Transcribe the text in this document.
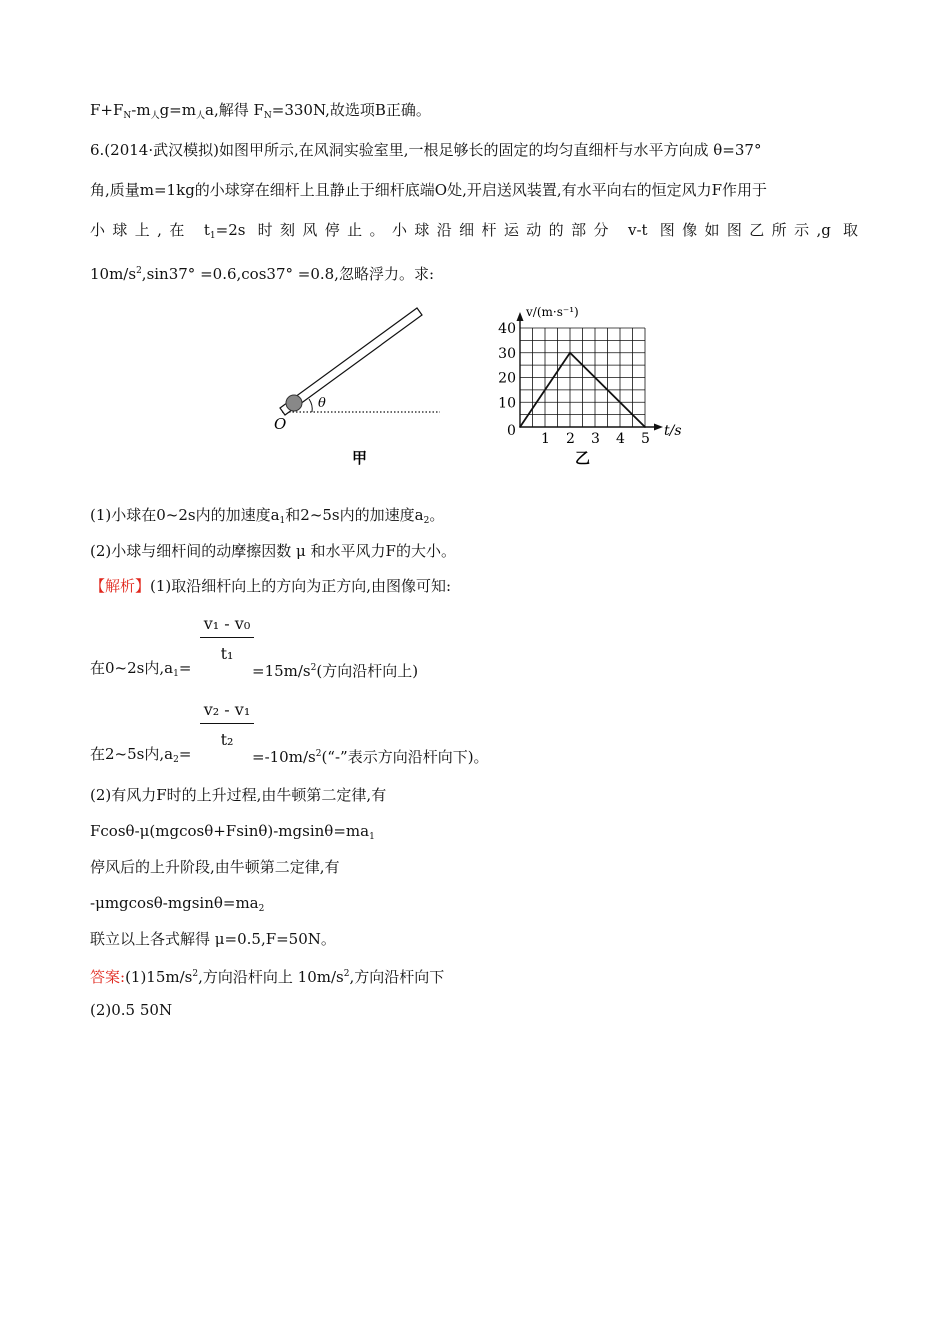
$F+F_N-m_人g=m_人a$,解得 $F_N=330N$,故选项B正确。
6.(2014·武汉模拟)如图甲所示,在风洞实验室里,一根足够长的固定的均匀直细杆与水平方向成 θ=37°
角,质量m=1kg的小球穿在细杆上且静止于细杆底端O处,开启送风装置,有水平向右的恒定风力F作用于
小球上,在 $t_1=2s$ 时刻风停止。小球沿细杆运动的部分 v-t 图像如图乙所示,g 取
$10m/s^2,\sin 37^\circ =0.6,\cos 37^\circ =0.8$,忽略浮力。求:
θ
O
甲
1 2 3 4 5
10
20
30
40
0	t/s
v/(m·s⁻¹)
乙
(1)小球在0~2s内的加速度$a_1$和2~5s内的加速度$a_2$。
(2)小球与细杆间的动摩擦因数 μ 和水平风力F的大小。
【解析】(1)取沿细杆向上的方向为正方向,由图像可知:
在0~2s内$,a_1=$
v₁ - v₀
t₁
$=15m/s^2$(方向沿杆向上)
在2~5s内$,a_2=$
v₂ - v₁
t₂
$=-10m/s^2(“-$”表示方向沿杆向下)。
(2)有风力F时的上升过程,由牛顿第二定律,有
Fcosθ-$\mu(mgcos\theta+Fsin\theta)-mgsin\theta=ma_1$
停风后的上升阶段,由牛顿第二定律,有
$-\mu mgcos\theta-mgsin\theta=ma_2$
联立以上各式解得 μ=0.5,F=50N。
答案$:(1)15m/s^2$,方向沿杆向上 $10m/s^2$,方向沿杆向下
(2)0.5 50N
